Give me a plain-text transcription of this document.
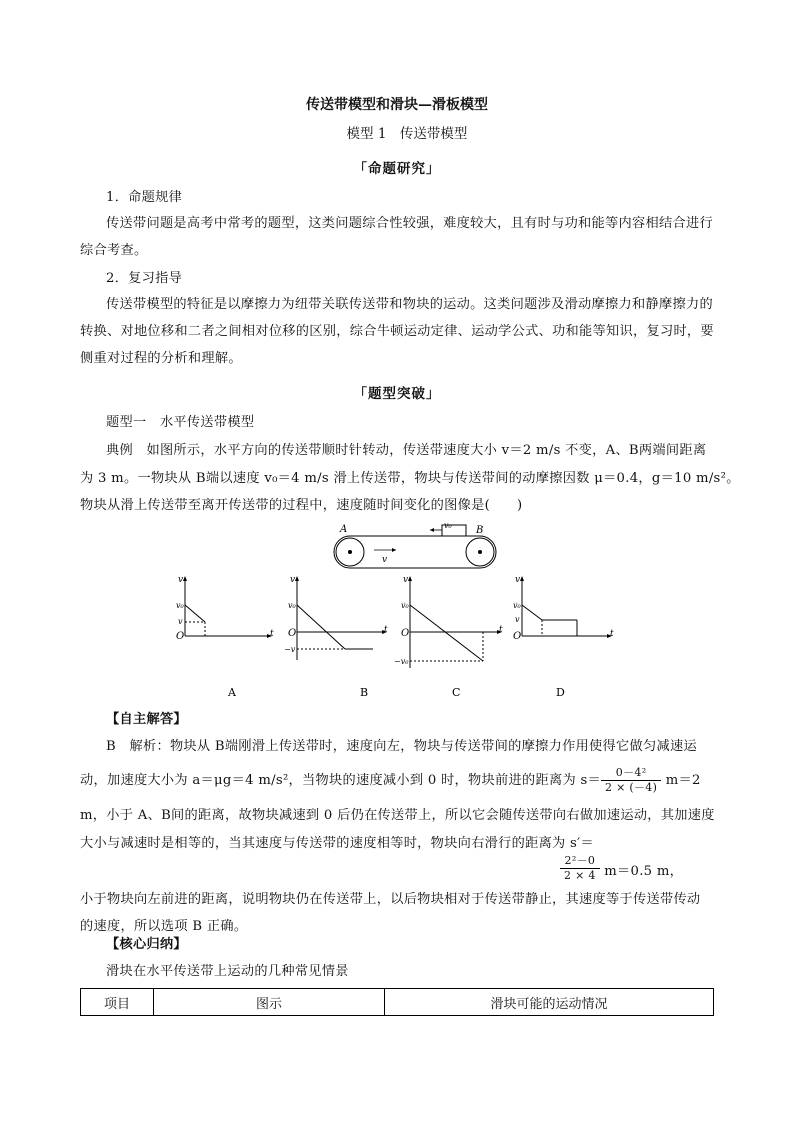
传送带模型和滑块—滑板模型
模型 1　传送带模型
「命题研究」
1．命题规律
传送带问题是高考中常考的题型，这类问题综合性较强，难度较大，且有时与功和能等内容相结合进行综合考查。
2．复习指导
传送带模型的特征是以摩擦力为纽带关联传送带和物块的运动。这类问题涉及滑动摩擦力和静摩擦力的转换、对地位移和二者之间相对位移的区别，综合牛顿运动定律、运动学公式、功和能等知识，复习时，要侧重对过程的分析和理解。
「题型突破」
题型一　水平传送带模型
典例　如图所示，水平方向的传送带顺时针转动，传送带速度大小 v＝2 m/s 不变，A、B两端间距离
为 3 m。一物块从 B端以速度 v₀＝4 m/s 滑上传送带，物块与传送带间的动摩擦因数 μ＝0.4，g＝10 m/s²。
物块从滑上传送带至离开传送带的过程中，速度随时间变化的图像是(　　)
A	B
v₀
v
v
t
O
v₀
v
v
t
O
v₀
−v
v
t
O
v₀
−v₀
v
t
O
v₀
v
A	B	C	D
【自主解答】
B　解析：物块从 B端刚滑上传送带时，速度向左，物块与传送带间的摩擦力作用使得它做匀减速运
动，加速度大小为 a＝μg＝4 m/s²，当物块的速度减小到 0 时，物块前进的距离为 $s= \frac{\text{0－4²}}{2 \times (-4)} m=2$
m，小于 A、B间的距离，故物块减速到 0 后仍在传送带上，所以它会随传送带向右做加速运动，其加速度
大小与减速时是相等的，当其速度与传送带的速度相等时，物块向右滑行的距离为 s′＝
$\frac{\text{2²－0}}{2 \times 4} m=0.5$ m，
小于物块向左前进的距离，说明物块仍在传送带上，以后物块相对于传送带静止，其速度等于传送带传动
的速度，所以选项 B 正确。
【核心归纳】
滑块在水平传送带上运动的几种常见情景
项目	图示	滑块可能的运动情况
